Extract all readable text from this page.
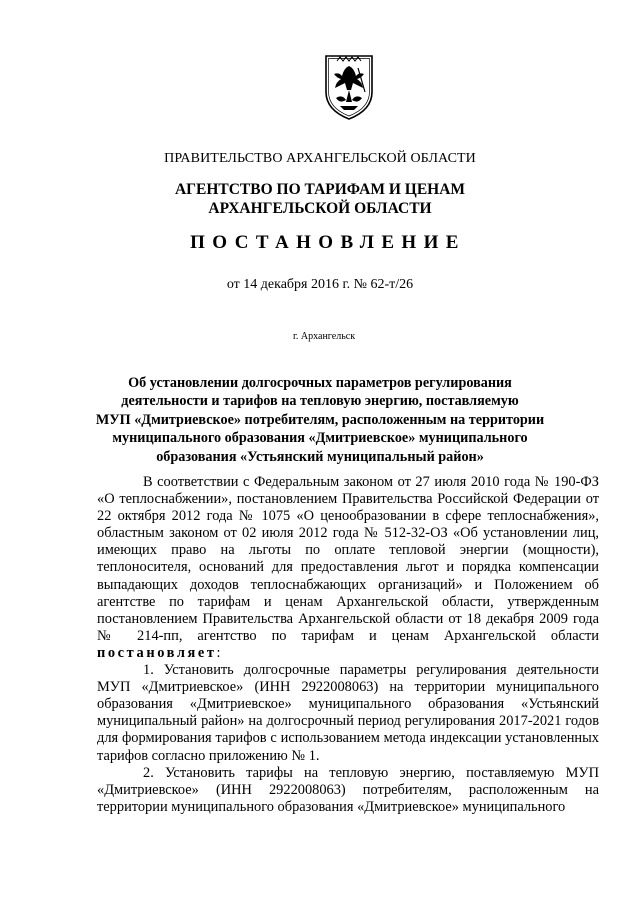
ПРАВИТЕЛЬСТВО АРХАНГЕЛЬСКОЙ ОБЛАСТИ
АГЕНТСТВО ПО ТАРИФАМ И ЦЕНАМ
АРХАНГЕЛЬСКОЙ ОБЛАСТИ
ПОСТАНОВЛЕНИЕ
от 14 декабря 2016 г. № 62-т/26
г. Архангельск
Об установлении долгосрочных параметров регулирования
деятельности и тарифов на тепловую энергию, поставляемую
МУП «Дмитриевское» потребителям, расположенным на территории
муниципального образования «Дмитриевское» муниципального
образования «Устьянский муниципальный район»

В соответствии с Федеральным законом от 27 июля 2010 года № 190-ФЗ «О теплоснабжении», постановлением Правительства Российской Федерации от 22 октября 2012 года № 1075 «О ценообразовании в сфере теплоснабжения», областным законом от 02 июля 2012 года № 512-32-ОЗ «Об установлении лиц, имеющих право на льготы по оплате тепловой энергии (мощности), теплоносителя, оснований для предоставления льгот и порядка компенсации выпадающих доходов теплоснабжающих организаций» и Положением об агентстве по тарифам и ценам Архангельской области, утвержденным постановлением Правительства Архангельской области от 18 декабря 2009 года № 214-пп, агентство по тарифам и ценам Архангельской области постановляет:

1. Установить долгосрочные параметры регулирования деятельности МУП «Дмитриевское» (ИНН 2922008063) на территории муниципального образования «Дмитриевское» муниципального образования «Устьянский муниципальный район» на долгосрочный период регулирования 2017-2021 годов для формирования тарифов с использованием метода индексации установленных тарифов согласно приложению № 1.

2. Установить тарифы на тепловую энергию, поставляемую МУП «Дмитриевское» (ИНН 2922008063) потребителям, расположенным на территории муниципального образования «Дмитриевское» муниципального
